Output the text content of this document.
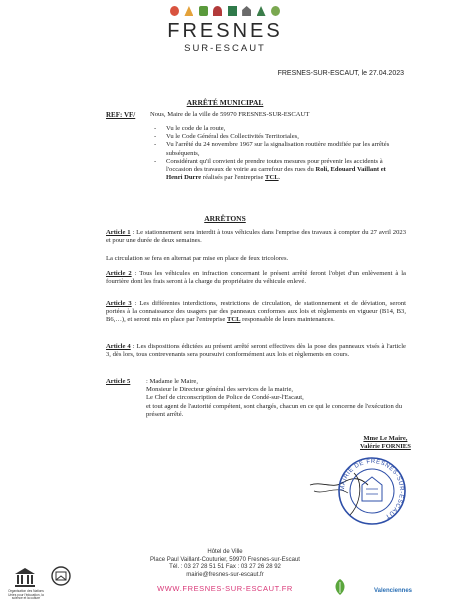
FRESNES
SUR-ESCAUT
FRESNES-SUR-ESCAUT, le 27.04.2023
ARRÊTÉ MUNICIPAL
REF: VF/ Nous, Maire de la ville de 59970 FRESNES-SUR-ESCAUT
- Vu le code de la route,
- Vu le Code Général des Collectivités Territoriales,
- Vu l'arrêté du 24 novembre 1967 sur la signalisation routière modifiée par les arrêtés subséquents,
- Considérant qu'il convient de prendre toutes mesures pour prévenir les accidents à l'occasion des travaux de voirie au carrefour des rues du Roli, Edouard Vaillant et Henri Durre réalisés par l'entreprise TCL.
ARRÊTONS
Article 1 : Le stationnement sera interdit à tous véhicules dans l'emprise des travaux à compter du 27 avril 2023 et pour une durée de deux semaines.
La circulation se fera en alternat par mise en place de feux tricolores.
Article 2 : Tous les véhicules en infraction concernant le présent arrêté feront l'objet d'un enlèvement à la fourrière dont les frais seront à la charge du propriétaire du véhicule enlevé.
Article 3 : Les différentes interdictions, restrictions de circulation, de stationnement et de déviation, seront portées à la connaissance des usagers par des panneaux conformes aux lois et règlements en vigueur (B14, B3, B6,…), et seront mis en place par l'entreprise TCL responsable de leurs maintenances.
Article 4 : Les dispositions édictées au présent arrêté seront effectives dès la pose des panneaux visés à l'article 3, dès lors, tous contrevenants sera poursuivi conformément aux lois et règlements en cours.
Article 5 : Madame le Maire,
Monsieur le Directeur général des services de la mairie,
Le Chef de circonscription de Police de Condé-sur-l'Escaut,
et tout agent de l'autorité compétent, sont chargés, chacun en ce qui le concerne de l'exécution du présent arrêté.
Mme Le Maire,
Valérie FORNIES
MAIRIE DE FRESNES-SUR-ESCAUT
Hôtel de Ville
Place Paul Vaillant-Couturier, 59970 Fresnes-sur-Escaut
Tél. : 03 27 28 51 51 Fax : 03 27 26 28 92
mairie@fresnes-sur-escaut.fr
WWW.FRESNES-SUR-ESCAUT.FR
Organisation des Nations Unies pour l'éducation, la science et la culture
Valenciennes
